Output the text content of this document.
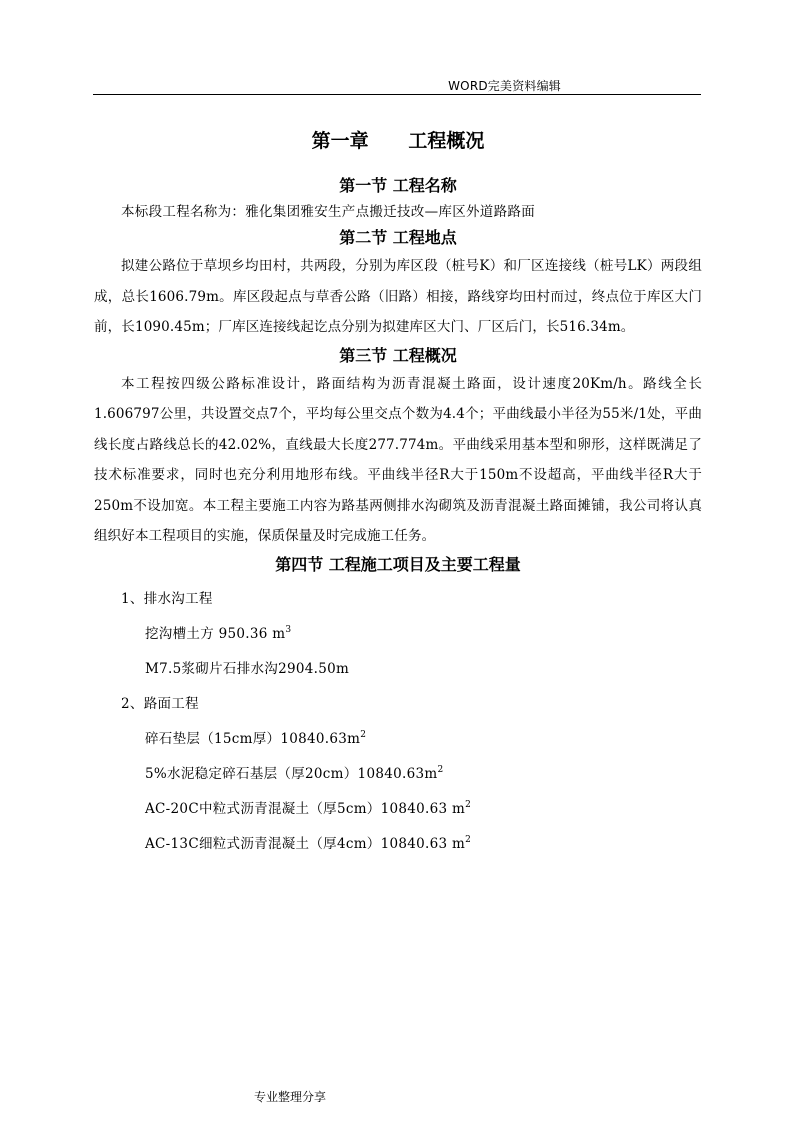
WORD完美资料编辑
第一章      工程概况
第一节 工程名称

本标段工程名称为：雅化集团雅安生产点搬迁技改—库区外道路路面

第二节 工程地点

拟建公路位于草坝乡均田村，共两段，分别为库区段（桩号K）和厂区连接线（桩号LK）两段组成，总长1606.79m。库区段起点与草香公路（旧路）相接，路线穿均田村而过，终点位于库区大门前，长1090.45m；厂库区连接线起讫点分别为拟建库区大门、厂区后门，长516.34m。

第三节 工程概况

本工程按四级公路标准设计，路面结构为沥青混凝土路面，设计速度20Km/h。路线全长1.606797公里，共设置交点7个，平均每公里交点个数为4.4个；平曲线最小半径为55米/1处，平曲线长度占路线总长的42.02%，直线最大长度277.774m。平曲线采用基本型和卵形，这样既满足了技术标准要求，同时也充分利用地形布线。平曲线半径R大于150m不设超高，平曲线半径R大于250m不设加宽。本工程主要施工内容为路基两侧排水沟砌筑及沥青混凝土路面摊铺，我公司将认真组织好本工程项目的实施，保质保量及时完成施工任务。

第四节 工程施工项目及主要工程量
1、排水沟工程
挖沟槽土方 950.36 $m^3$
M7.5浆砌片石排水沟2904.50m
2、路面工程
碎石垫层（15cm厚）$10840.63m^2$
5%水泥稳定碎石基层（厚$20cm)10840.63m^2$
AC-20C中粒式沥青混凝土（厚5cm）10840.63 $m^2$
AC-13C细粒式沥青混凝土（厚4cm）10840.63 $m^2$
专业整理分享
